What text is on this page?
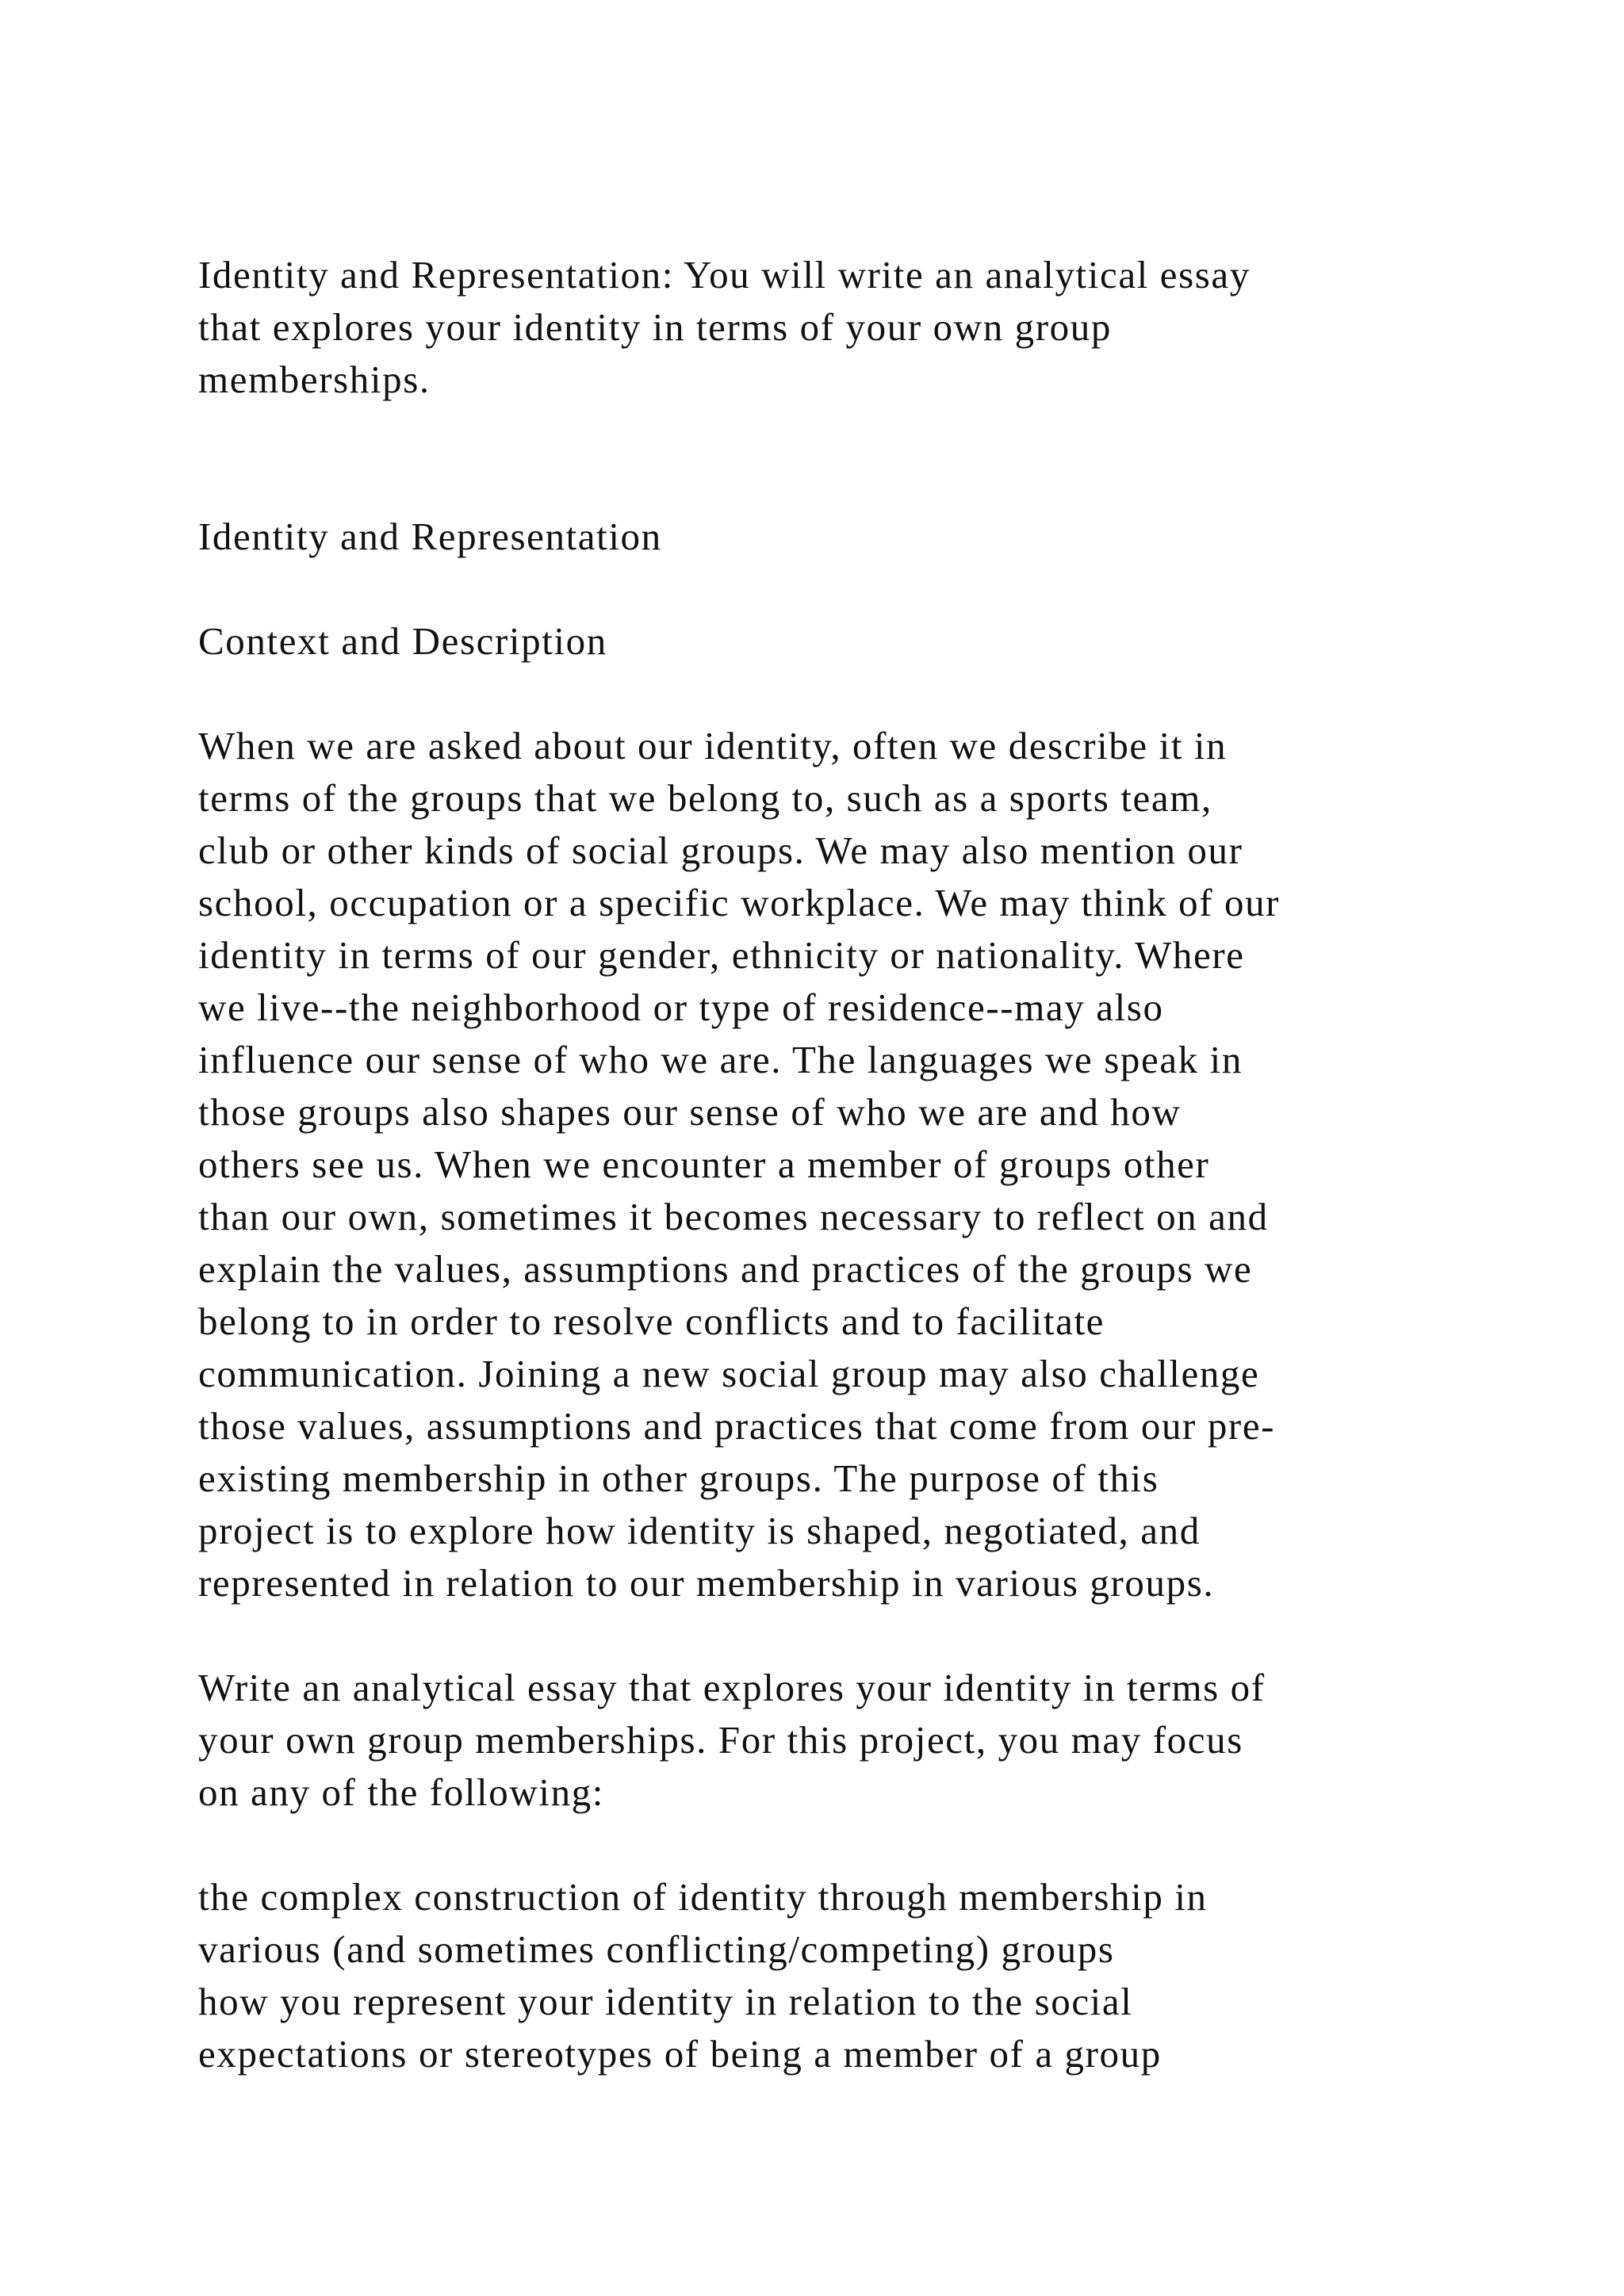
Identity and Representation: You will write an analytical essay
that explores your identity in terms of your own group
memberships.
Identity and Representation
Context and Description
When we are asked about our identity, often we describe it in
terms of the groups that we belong to, such as a sports team,
club or other kinds of social groups. We may also mention our
school, occupation or a specific workplace. We may think of our
identity in terms of our gender, ethnicity or nationality. Where
we live--the neighborhood or type of residence--may also
influence our sense of who we are. The languages we speak in
those groups also shapes our sense of who we are and how
others see us. When we encounter a member of groups other
than our own, sometimes it becomes necessary to reflect on and
explain the values, assumptions and practices of the groups we
belong to in order to resolve conflicts and to facilitate
communication. Joining a new social group may also challenge
those values, assumptions and practices that come from our pre-
existing membership in other groups. The purpose of this
project is to explore how identity is shaped, negotiated, and
represented in relation to our membership in various groups.
Write an analytical essay that explores your identity in terms of
your own group memberships. For this project, you may focus
on any of the following:
the complex construction of identity through membership in
various (and sometimes conflicting/competing) groups
how you represent your identity in relation to the social
expectations or stereotypes of being a member of a group
